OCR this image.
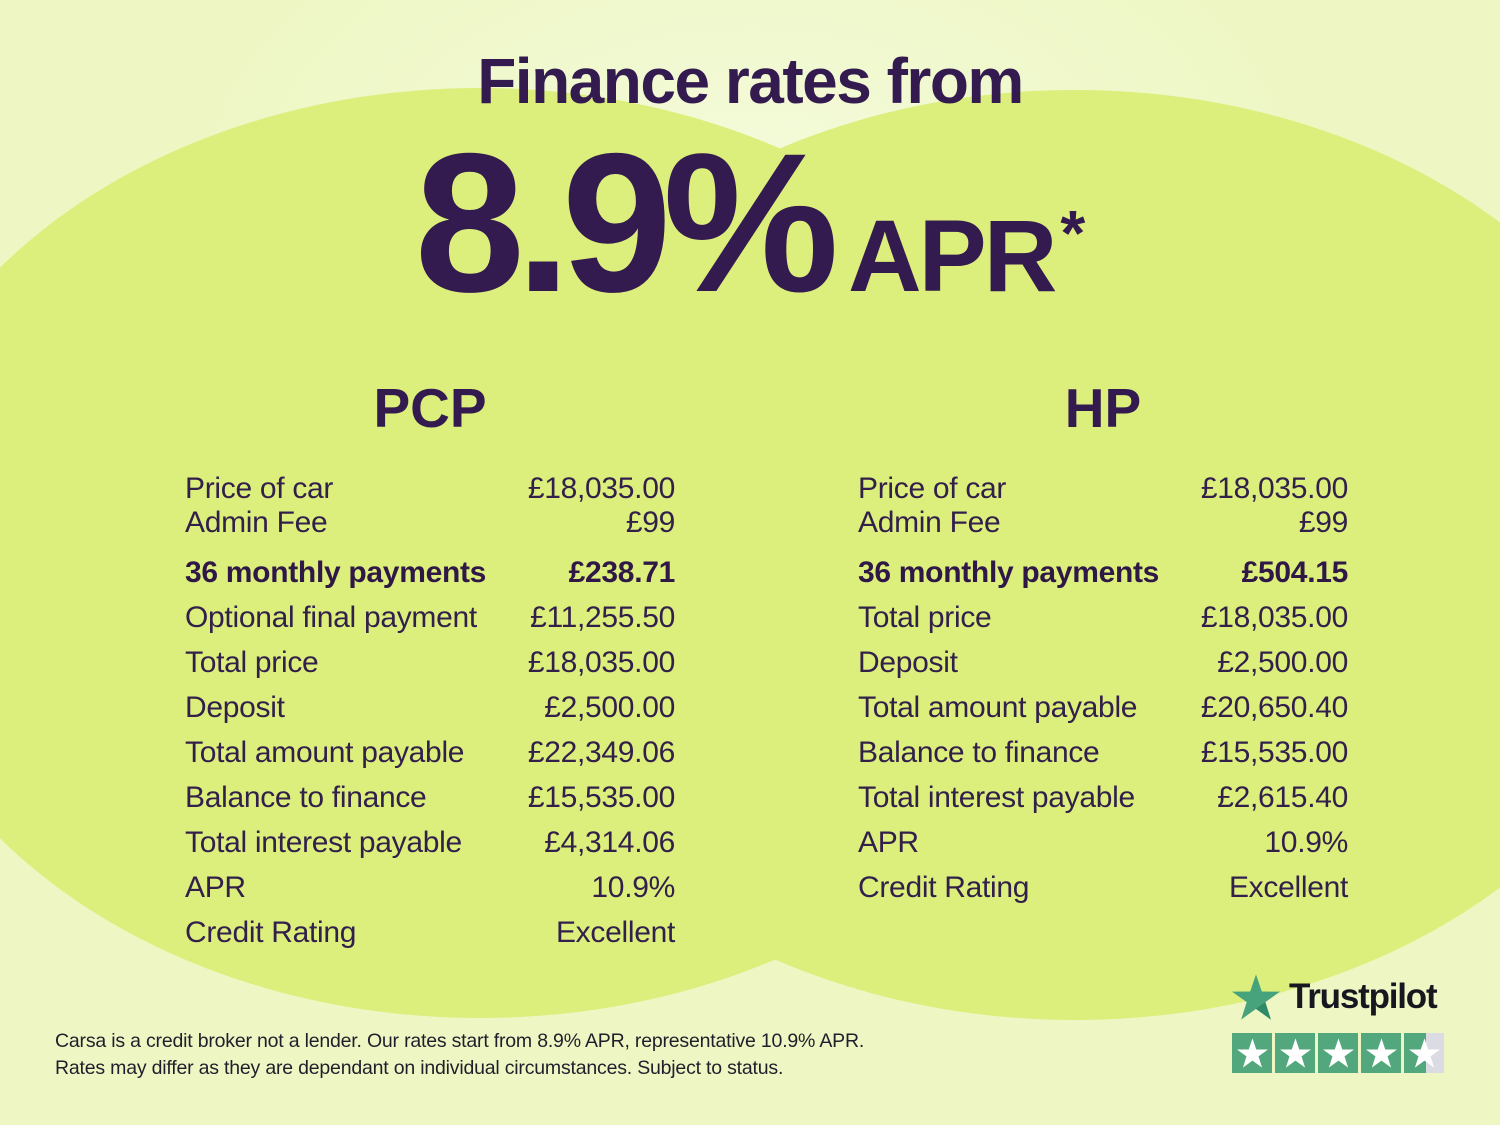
Finance rates from
8.9% APR *
PCP
Price of car	£18,035.00
Admin Fee	£99
36 monthly payments	£238.71
Optional final payment £11,255.50
Total price	£18,035.00
Deposit	£2,500.00
Total amount payable £22,349.06
Balance to finance	£15,535.00
Total interest payable	£4,314.06
APR	10.9%
Credit Rating	Excellent
HP
Price of car	£18,035.00
Admin Fee	£99
36 monthly payments	£504.15
Total price	£18,035.00
Deposit	£2,500.00
Total amount payable £20,650.40
Balance to finance	£15,535.00
Total interest payable	£2,615.40
APR	10.9%
Credit Rating	Excellent

Carsa is a credit broker not a lender. Our rates start from 8.9% APR, representative 10.9% APR.
Rates may differ as they are dependant on individual circumstances. Subject to status.

Trustpilot
